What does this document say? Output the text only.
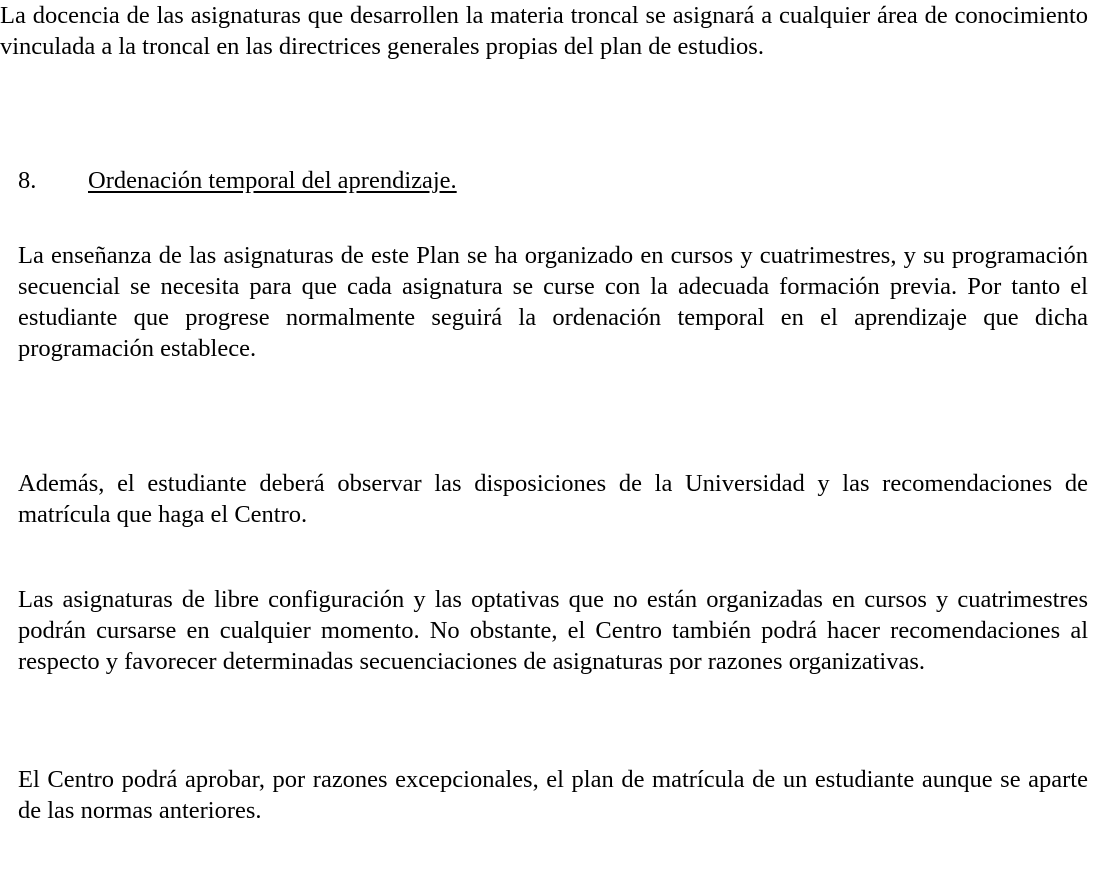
La docencia de las asignaturas que desarrollen la materia troncal se asignará a cualquier área de conocimiento vinculada a la troncal en las directrices generales propias del plan de estudios.

8. Ordenación temporal del aprendizaje.

La enseñanza de las asignaturas de este Plan se ha organizado en cursos y cuatrimestres, y su programación secuencial se necesita para que cada asignatura se curse con la adecuada formación previa. Por tanto el estudiante que progrese normalmente seguirá la ordenación temporal en el aprendizaje que dicha programación establece.

Además, el estudiante deberá observar las disposiciones de la Universidad y las recomendaciones de matrícula que haga el Centro.

Las asignaturas de libre configuración y las optativas que no están organizadas en cursos y cuatrimestres podrán cursarse en cualquier momento. No obstante, el Centro también podrá hacer recomendaciones al respecto y favorecer determinadas secuenciaciones de asignaturas por razones organizativas.

El Centro podrá aprobar, por razones excepcionales, el plan de matrícula de un estudiante aunque se aparte de las normas anteriores.
